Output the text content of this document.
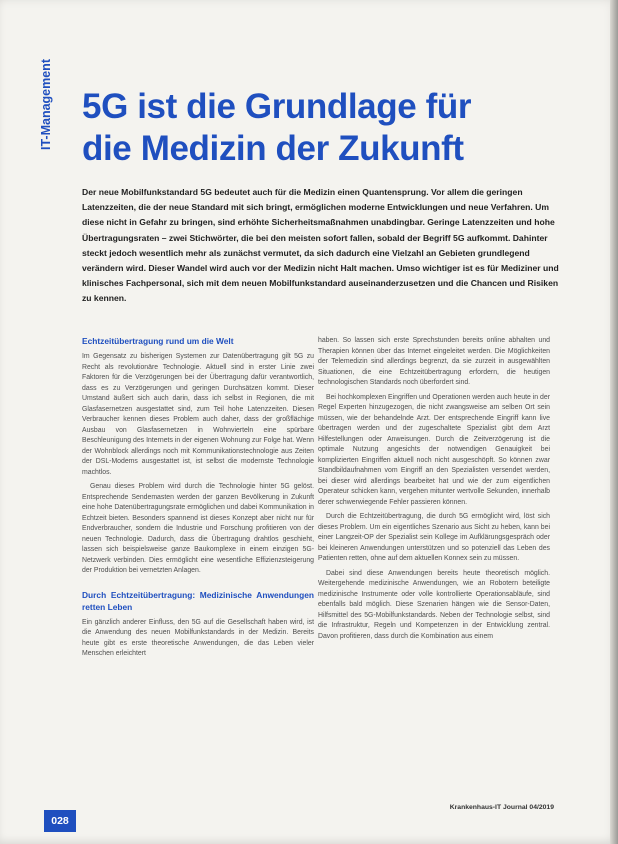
IT-Management 5G ist die Grundlage für
die Medizin der Zukunft
Der neue Mobilfunkstandard 5G bedeutet auch für die Medizin einen Quantensprung. Vor allem die geringen Latenzzeiten, die der neue Standard mit sich bringt, ermöglichen moderne Entwicklungen und neue Verfahren. Um diese nicht in Gefahr zu bringen, sind erhöhte Sicherheitsmaßnahmen unabdingbar. Geringe Latenzzeiten und hohe Übertragungsraten – zwei Stichwörter, die bei den meisten sofort fallen, sobald der Begriff 5G aufkommt. Dahinter steckt jedoch wesentlich mehr als zunächst vermutet, da sich dadurch eine Vielzahl an Gebieten grundlegend verändern wird. Dieser Wandel wird auch vor der Medizin nicht Halt machen. Umso wichtiger ist es für Mediziner und klinisches Fachpersonal, sich mit dem neuen Mobilfunkstandard auseinanderzusetzen und die Chancen und Risiken zu kennen.
Echtzeitübertragung rund um die Welt

Im Gegensatz zu bisherigen Systemen zur Datenübertragung gilt 5G zu Recht als revolutionäre Technologie. Aktuell sind in erster Linie zwei Faktoren für die Verzögerungen bei der Übertragung dafür verantwortlich, dass es zu Verzögerungen und geringen Durchsätzen kommt. Dieser Umstand äußert sich auch darin, dass ich selbst in Regionen, die mit Glasfasernetzen ausgestattet sind, zum Teil hohe Latenzzeiten. Diesen Verbraucher kennen dieses Problem auch daher, dass der großflächige Ausbau von Glasfasernetzen in Wohnvierteln eine spürbare Beschleunigung des Internets in der eigenen Wohnung zur Folge hat. Wenn der Wohnblock allerdings noch mit Kommunikationstechnologie aus Zeiten der DSL-Modems ausgestattet ist, ist selbst die modernste Technologie machtlos.

Genau dieses Problem wird durch die Technologie hinter 5G gelöst. Entsprechende Sendemasten werden der ganzen Bevölkerung in Zukunft eine hohe Datenübertragungsrate ermöglichen und dabei Kommunikation in Echtzeit bieten. Besonders spannend ist dieses Konzept aber nicht nur für Endverbraucher, sondern die Industrie und Forschung profitieren von der neuen Technologie. Dadurch, dass die Übertragung drahtlos geschieht, lassen sich beispielsweise ganze Baukomplexe in einem einzigen 5G-Netzwerk verbinden. Dies ermöglicht eine wesentliche Effizienzsteigerung der Produktion bei vernetzten Anlagen.

Durch Echtzeitübertragung: Medizinische Anwendungen retten Leben

Ein gänzlich anderer Einfluss, den 5G auf die Gesellschaft haben wird, ist die Anwendung des neuen Mobilfunkstandards in der Medizin. Bereits heute gibt es erste theoretische Anwendungen, die das Leben vieler Menschen erleichtert

haben. So lassen sich erste Sprechstunden bereits online abhalten und Therapien können über das Internet eingeleitet werden. Die Möglichkeiten der Telemedizin sind allerdings begrenzt, da sie zurzeit in ausgewählten Situationen, die eine Echtzeitübertragung erfordern, die heutigen technologischen Standards noch überfordert sind.

Bei hochkomplexen Eingriffen und Operationen werden auch heute in der Regel Experten hinzugezogen, die nicht zwangsweise am selben Ort sein müssen, wie der behandelnde Arzt. Der entsprechende Eingriff kann live übertragen werden und der zugeschaltete Spezialist gibt dem Arzt Hilfestellungen oder Anweisungen. Durch die Zeitverzögerung ist die optimale Nutzung angesichts der notwendigen Genauigkeit bei komplizierten Eingriffen aktuell noch nicht ausgeschöpft. So können zwar Standbildaufnahmen vom Eingriff an den Spezialisten versendet werden, bei dieser wird allerdings bearbeitet hat und wie der zum eigentlichen Operateur schicken kann, vergehen mitunter wertvolle Sekunden, innerhalb derer schwerwiegende Fehler passieren können.

Durch die Echtzeitübertragung, die durch 5G ermöglicht wird, löst sich dieses Problem. Um ein eigentliches Szenario aus Sicht zu heben, kann bei einer Langzeit-OP der Spezialist sein Kollege im Aufklärungsgespräch oder bei kleineren Anwendungen unterstützen und so potenziell das Leben des Patienten retten, ohne auf dem aktuellen Konnex sein zu müssen.

Dabei sind diese Anwendungen bereits heute theoretisch möglich. Weitergehende medizinische Anwendungen, wie an Robotern beteiligte medizinische Instrumente oder volle kontrollierte Operationsabläufe, sind ebenfalls bald möglich. Diese Szenarien hängen wie die Sensor-Daten, Hilfsmittel des 5G-Mobilfunkstandards. Neben der Technologie selbst, sind die Infrastruktur, Regeln und Kompetenzen in der Entwicklung zentral. Davon profitieren, dass durch die Kombination aus einem

Krankenhaus-IT Journal 04/2019
028
